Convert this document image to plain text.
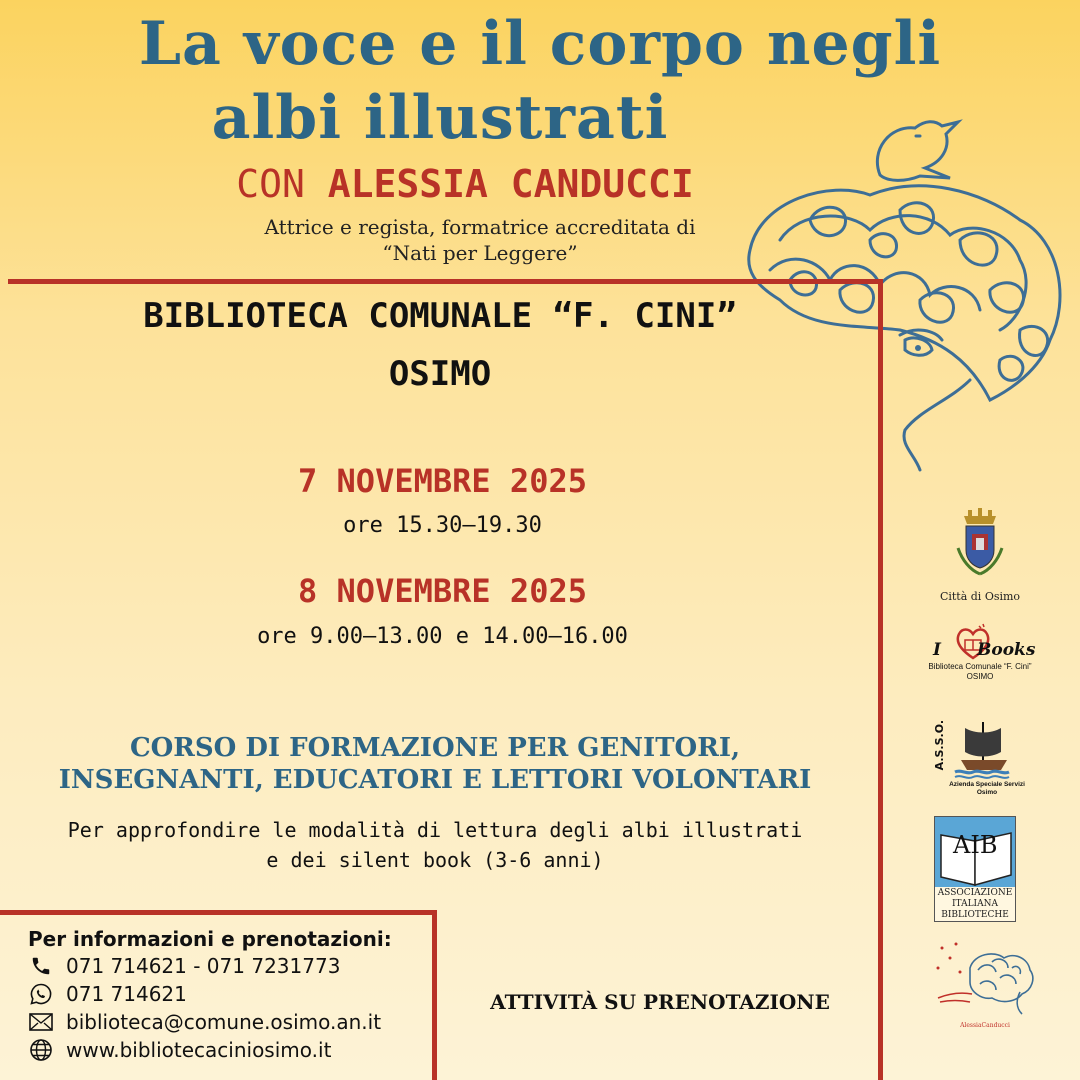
La voce e il corpo negli
albi illustrati
CON ALESSIA CANDUCCI
Attrice e regista, formatrice accreditata di
“Nati per Leggere”
BIBLIOTECA COMUNALE “F. CINI”
OSIMO
7 NOVEMBRE 2025
ore 15.30–19.30
8 NOVEMBRE 2025
ore 9.00–13.00 e 14.00–16.00
CORSO DI FORMAZIONE PER GENITORI,
INSEGNANTI, EDUCATORI E LETTORI VOLONTARI
Per approfondire le modalità di lettura degli albi illustrati
e dei silent book (3-6 anni)
Per informazioni e prenotazioni:
071 714621 - 071 7231773
071 714621
biblioteca@comune.osimo.an.it
www.bibliotecaciniosimo.it
ATTIVITÀ SU PRENOTAZIONE
Città di Osimo
I Books
Biblioteca Comunale “F. Cini”
OSIMO
A.S.S.O.
Azienda Speciale Servizi
Osimo
AIB
ASSOCIAZIONE
ITALIANA
BIBLIOTECHE
AlessiaCanducci
